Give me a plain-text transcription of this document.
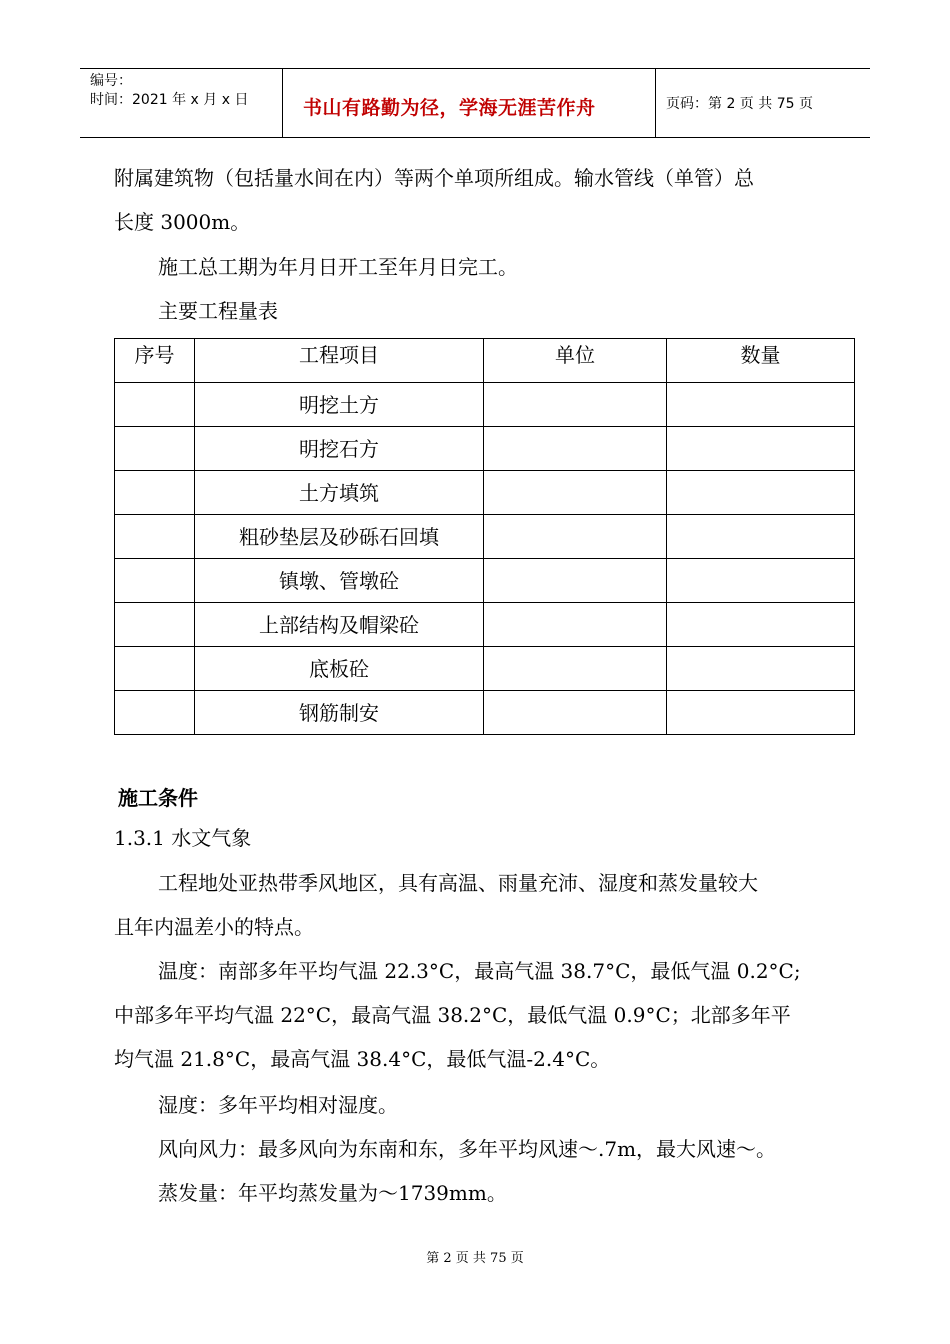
编号：
时间：2021 年 x 月 x 日	书山有路勤为径，学海无涯苦作舟	页码：第 2 页 共 75 页
附属建筑物（包括量水间在内）等两个单项所组成。输水管线（单管）总
长度 3000m。
施工总工期为年月日开工至年月日完工。
主要工程量表
序号	工程项目	单位	数量

	明挖土方		
	明挖石方		
	土方填筑		
	粗砂垫层及砂砾石回填		
	镇墩、管墩砼		
	上部结构及帽梁砼		
	底板砼		
	钢筋制安		
施工条件
1.3.1 水文气象
工程地处亚热带季风地区，具有高温、雨量充沛、湿度和蒸发量较大
且年内温差小的特点。
温度：南部多年平均气温 22.3°C，最高气温 38.7°C，最低气温 0.2°C;
中部多年平均气温 22°C，最高气温 38.2°C，最低气温 0.9°C；北部多年平
均气温 21.8°C，最高气温 38.4°C，最低气温-2.4°C。
湿度：多年平均相对湿度。
风向风力：最多风向为东南和东，多年平均风速～.7m，最大风速～。
蒸发量：年平均蒸发量为～1739mm。
第 2 页 共 75 页
